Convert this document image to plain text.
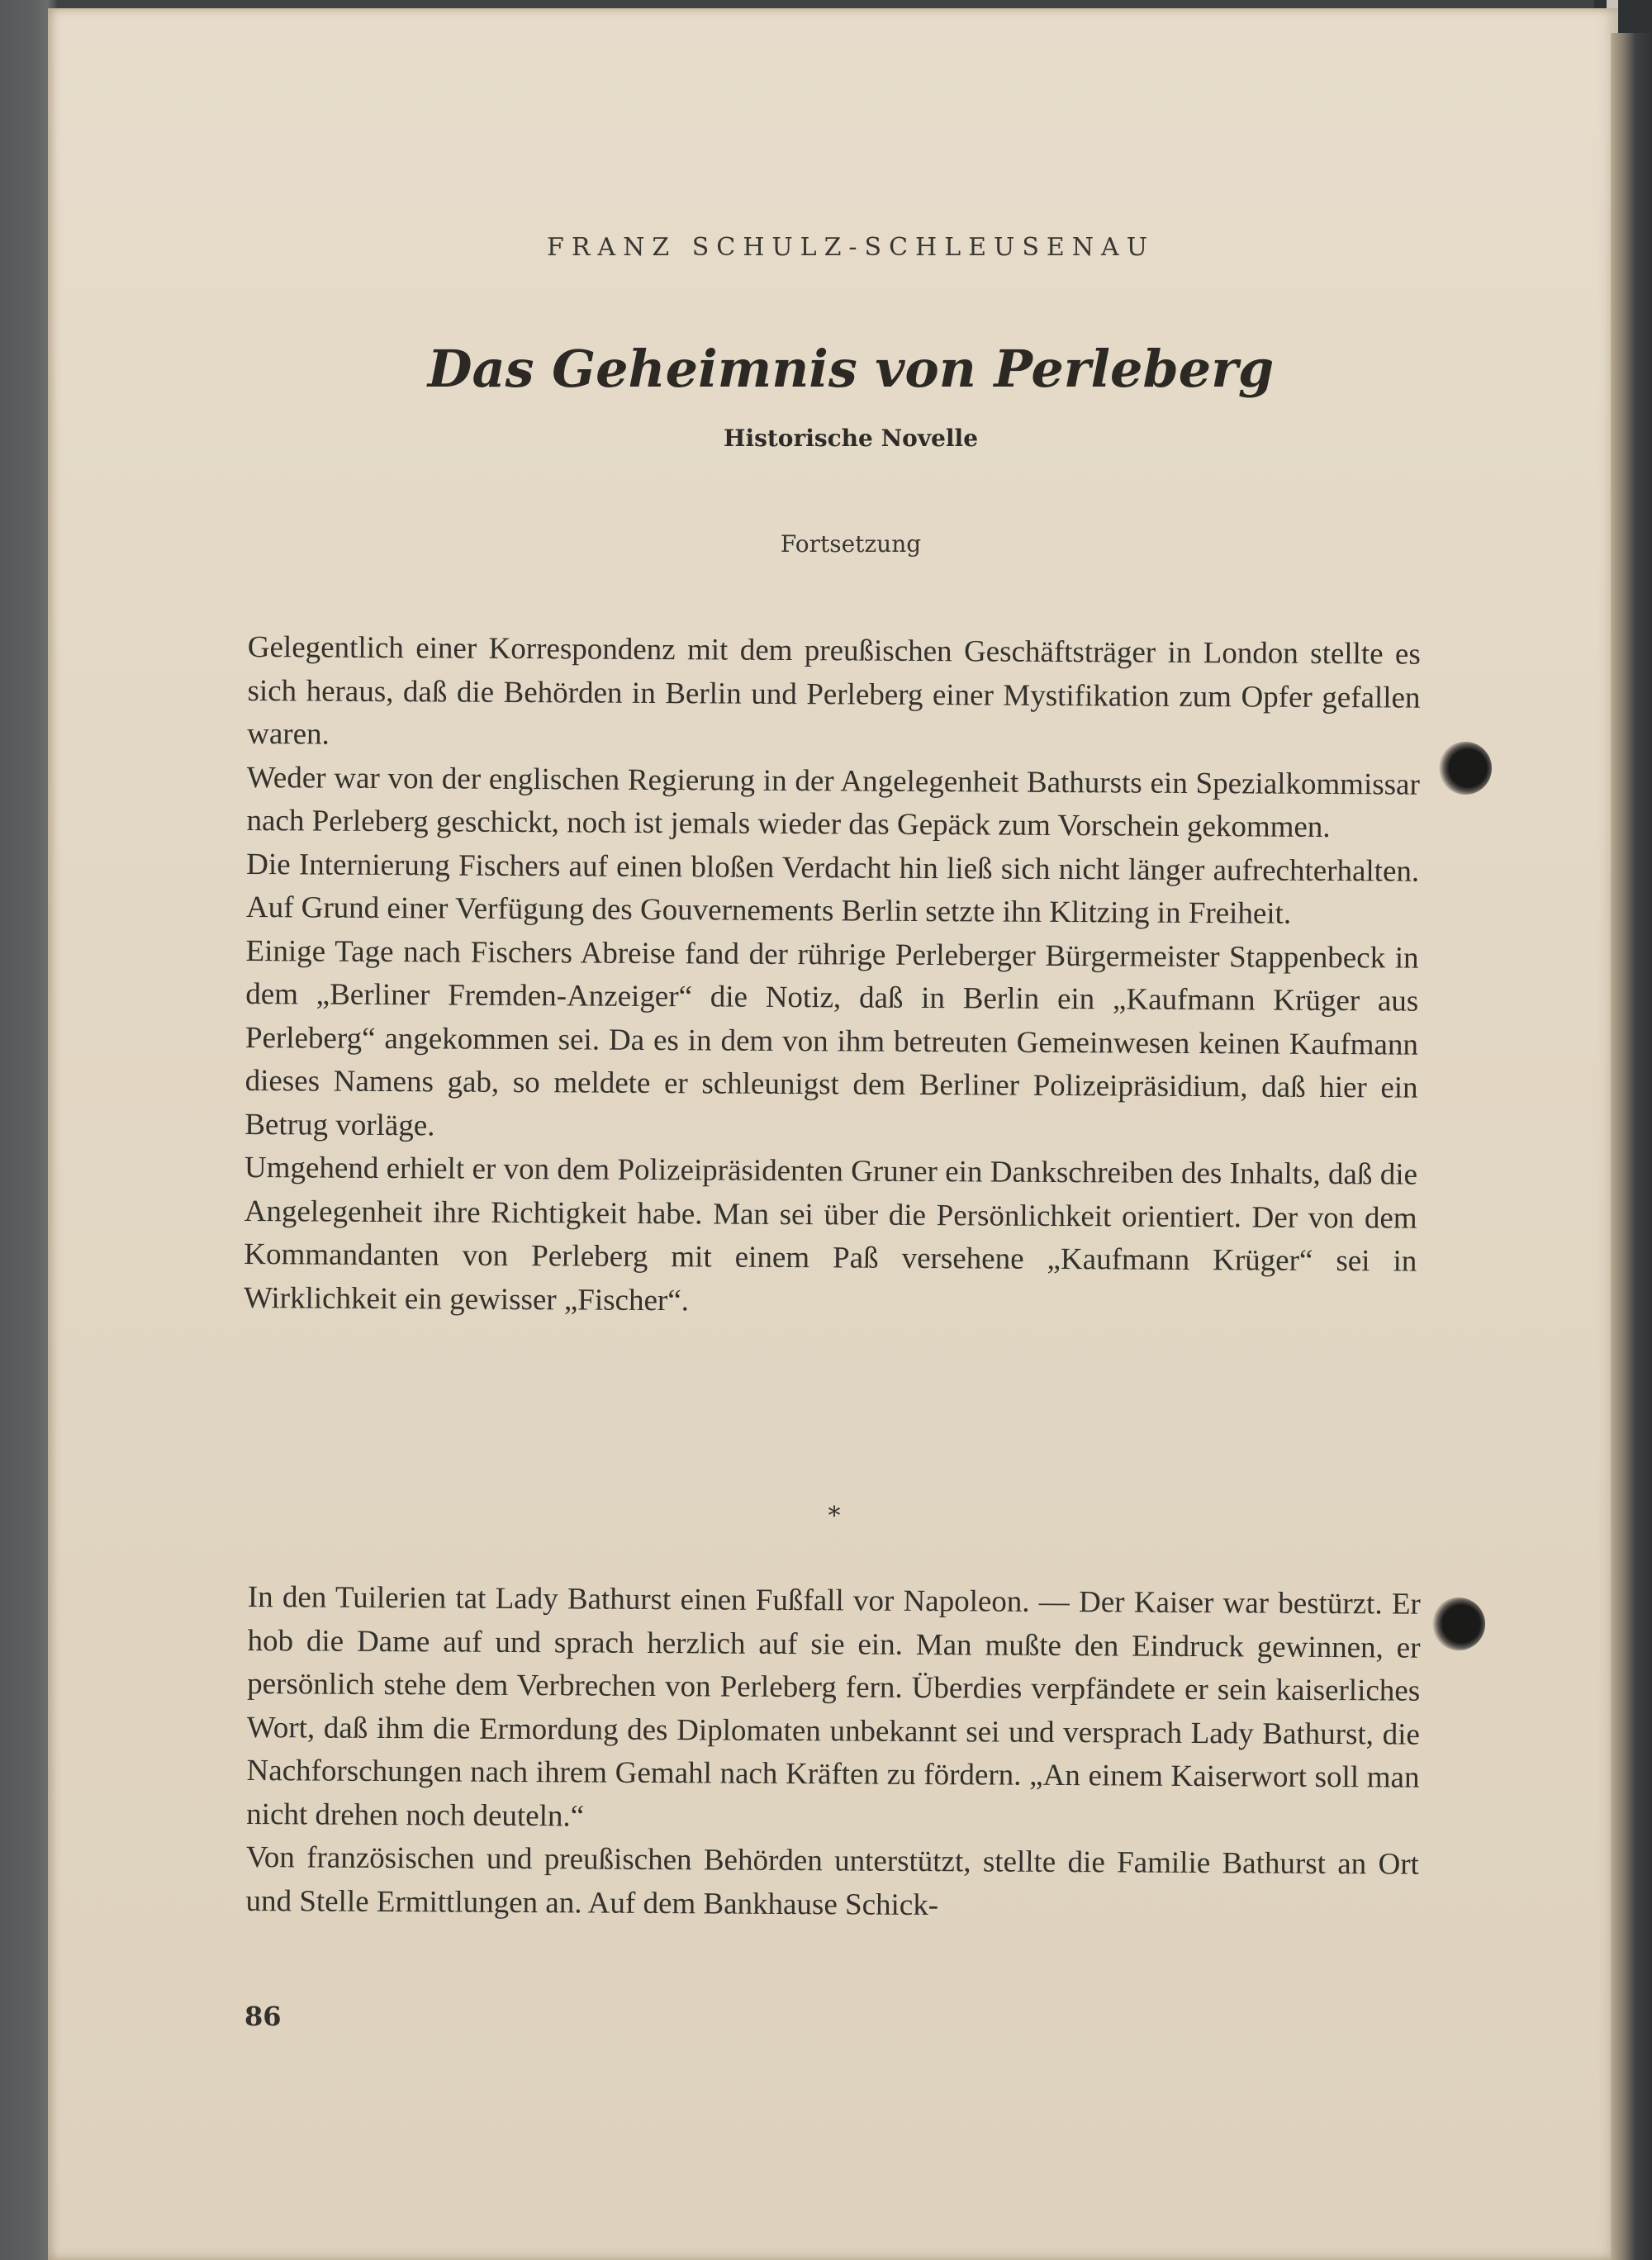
FRANZ SCHULZ-SCHLEUSENAU
Das Geheimnis von Perleberg
Historische Novelle
Fortsetzung

Gelegentlich einer Korrespondenz mit dem preußischen Geschäftsträger in London stellte es sich heraus, daß die Behörden in Berlin und Perleberg einer Mystifikation zum Opfer gefallen waren.

Weder war von der englischen Regierung in der Angelegenheit Bathursts ein Spezialkommissar nach Perleberg geschickt, noch ist jemals wieder das Gepäck zum Vorschein gekommen.

Die Internierung Fischers auf einen bloßen Verdacht hin ließ sich nicht länger aufrechterhalten. Auf Grund einer Verfügung des Gouvernements Berlin setzte ihn Klitzing in Freiheit.

Einige Tage nach Fischers Abreise fand der rührige Perleberger Bürgermeister Stappenbeck in dem „Berliner Fremden-Anzeiger“ die Notiz, daß in Berlin ein „Kaufmann Krüger aus Perleberg“ angekommen sei. Da es in dem von ihm betreuten Gemeinwesen keinen Kaufmann dieses Namens gab, so meldete er schleunigst dem Berliner Polizeipräsidium, daß hier ein Betrug vorläge.

Umgehend erhielt er von dem Polizeipräsidenten Gruner ein Dankschreiben des Inhalts, daß die Angelegenheit ihre Richtigkeit habe. Man sei über die Persönlichkeit orientiert. Der von dem Kommandanten von Perleberg mit einem Paß versehene „Kaufmann Krüger“ sei in Wirklichkeit ein gewisser „Fischer“.

*

In den Tuilerien tat Lady Bathurst einen Fußfall vor Napoleon. — Der Kaiser war bestürzt. Er hob die Dame auf und sprach herzlich auf sie ein. Man mußte den Eindruck gewinnen, er persönlich stehe dem Verbrechen von Perleberg fern. Überdies verpfändete er sein kaiserliches Wort, daß ihm die Ermordung des Diplomaten unbekannt sei und versprach Lady Bathurst, die Nachforschungen nach ihrem Gemahl nach Kräften zu fördern. „An einem Kaiserwort soll man nicht drehen noch deuteln.“

Von französischen und preußischen Behörden unterstützt, stellte die Familie Bathurst an Ort und Stelle Ermittlungen an. Auf dem Bankhause Schick-

86
